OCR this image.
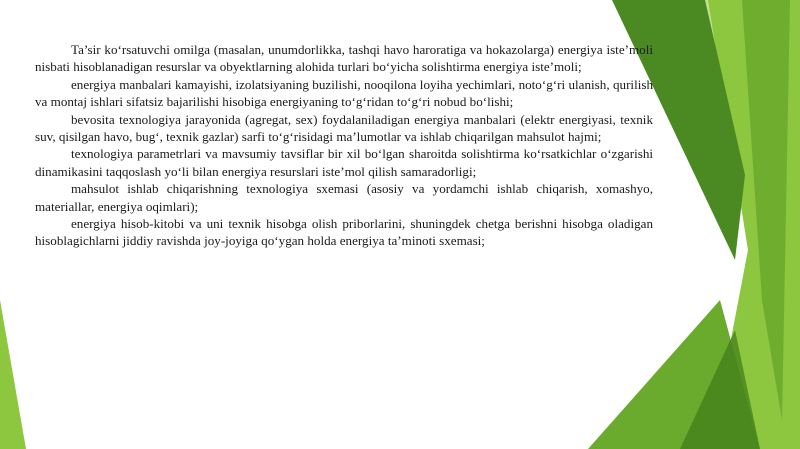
Ta’sir ko‘rsatuvchi omilga (masalan, unumdorlikka, tashqi havo haroratiga va hokazolarga) energiya iste’moli nisbati hisoblanadigan resurslar va obyektlarning alohida turlari bo‘yicha solishtirma energiya iste’moli;

energiya manbalari kamayishi, izolatsiyaning buzilishi, nooqilona loyiha yechimlari, noto‘g‘ri ulanish, qurilish va montaj ishlari sifatsiz bajarilishi hisobiga energiyaning to‘g‘ridan to‘g‘ri nobud bo‘lishi;

bevosita texnologiya jarayonida (agregat, sex) foydalaniladigan energiya manbalari (elektr energiyasi, texnik suv, qisilgan havo, bug‘, texnik gazlar) sarfi to‘g‘risidagi ma’lumotlar va ishlab chiqarilgan mahsulot hajmi;

texnologiya parametrlari va mavsumiy tavsiflar bir xil bo‘lgan sharoitda solishtirma ko‘rsatkichlar o‘zgarishi dinamikasini taqqoslash yo‘li bilan energiya resurslari iste’mol qilish samaradorligi;

mahsulot ishlab chiqarishning texnologiya sxemasi (asosiy va yordamchi ishlab chiqarish, xomashyo, materiallar, energiya oqimlari);

energiya hisob-kitobi va uni texnik hisobga olish priborlarini, shuningdek chetga berishni hisobga oladigan hisoblagichlarni jiddiy ravishda joy-joyiga qo‘ygan holda energiya ta’minoti sxemasi;
